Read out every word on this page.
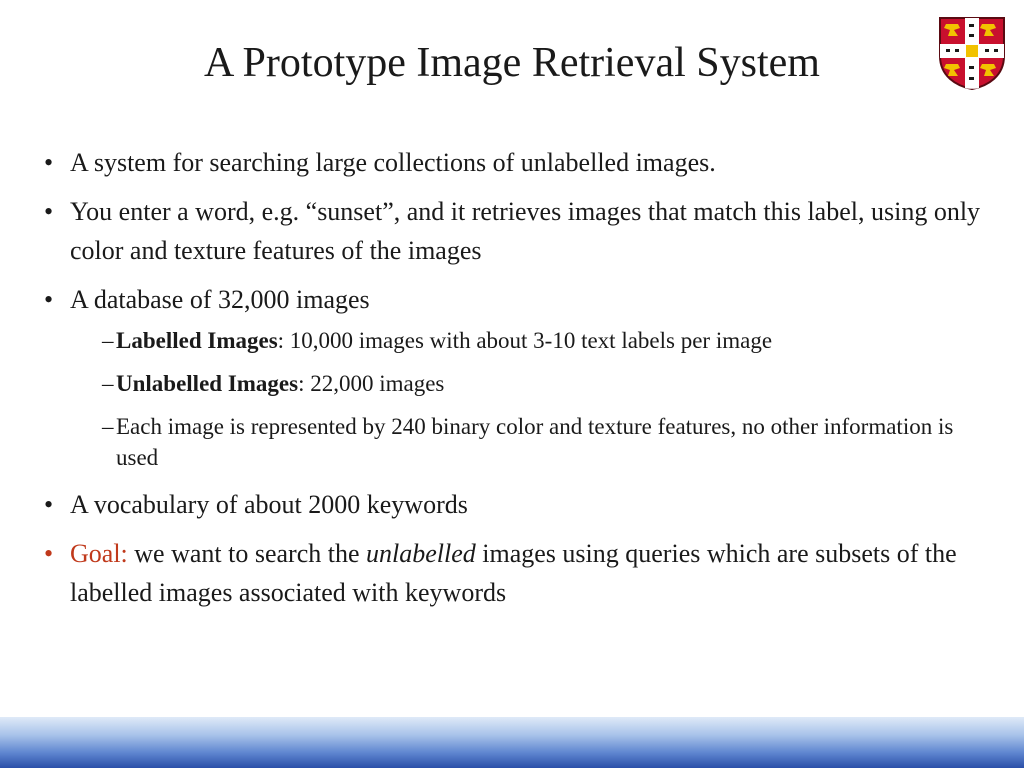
A Prototype Image Retrieval System
• A system for searching large collections of unlabelled images.
• You enter a word, e.g. “sunset”, and it retrieves images that match this label, using only color and texture features of the images
• A database of 32,000 images
– Labelled Images: 10,000 images with about 3-10 text labels per image
– Unlabelled Images: 22,000 images
– Each image is represented by 240 binary color and texture features, no other information is used
• A vocabulary of about 2000 keywords
• Goal: we want to search the unlabelled images using queries which are subsets of the labelled images associated with keywords
